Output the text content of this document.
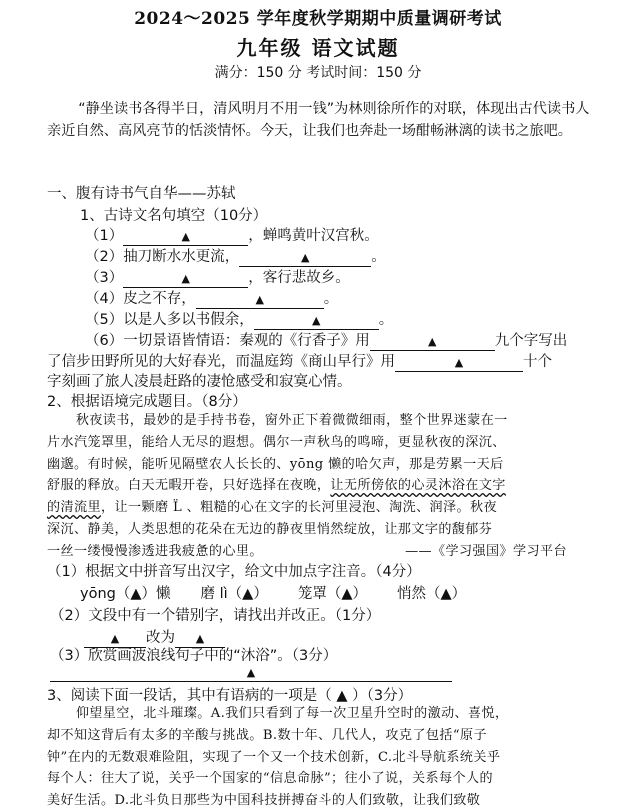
2024～2025 学年度秋学期期中质量调研考试
九年级 语文试题
满分：150 分 考试时间：150 分
“静坐读书各得半日，清风明月不用一钱”为林则徐所作的对联，体现出古代读书人亲近自然、高风亮节的恬淡情怀。今天，让我们也奔赴一场酣畅淋漓的读书之旅吧。
一、腹有诗书气自华——苏轼
1、古诗文名句填空（10分）
（1）	▲	，蝉鸣黄叶汉宫秋。
（2）抽刀断水水更流，	▲	。
（3）	▲	，客行悲故乡。
（4）皮之不存，	▲	。
（5）以是人多以书假余，	▲	。
（6）一切景语皆情语：秦观的《行香子》用	▲	九个字写出
了信步田野所见的大好春光，而温庭筠《商山早行》用	▲	十个
字刻画了旅人凌晨赶路的凄怆感受和寂寞心情。
2、根据语境完成题目。（8分）
秋夜读书，最妙的是手持书卷，窗外正下着微微细雨，整个世界迷蒙在一
片水汽笼罩里，能给人无尽的遐想。偶尔一声秋鸟的鸣啼，更显秋夜的深沉、
幽邈。有时候，能听见隔壁农人长长的、yōng 懒的哈欠声，那是劳累一天后
舒服的释放。白天无暇开卷，只好选择在夜晚，让无所傍依的心灵沐浴在文字
的清流里，让一颗磨 L̈ 、粗糙的心在文字的长河里浸泡、淘洗、润泽。秋夜
深沉、静美，人类思想的花朵在无边的静夜里悄然绽放，让那文字的馥郁芬
一丝一缕慢慢渗透进我疲惫的心里。	——《学习强国》学习平台
（1）根据文中拼音写出汉字，给文中加点字注音。（4分）
yōng（▲）懒 磨 lì（▲） 笼罩（▲） 悄然（▲）
（2）文段中有一个错别字，请找出并改正。（1分）
▲ 改为 ▲
（3）欣赏画波浪线句子中的“沐浴”。（3分）
▲
3、阅读下面一段话，其中有语病的一项是（ ▲ ）（3分）
仰望星空，北斗璀璨。A.我们只看到了每一次卫星升空时的激动、喜悦，
却不知这背后有太多的辛酸与挑战。B.数十年、几代人，攻克了包括“原子
钟”在内的无数艰难险阻，实现了一个又一个技术创新，C.北斗导航系统关乎
每个人：往大了说，关乎一个国家的“信息命脉”；往小了说，关系每个人的
美好生活。D.北斗负日那些为中国科技拼搏奋斗的人们致敬，让我们致敬
